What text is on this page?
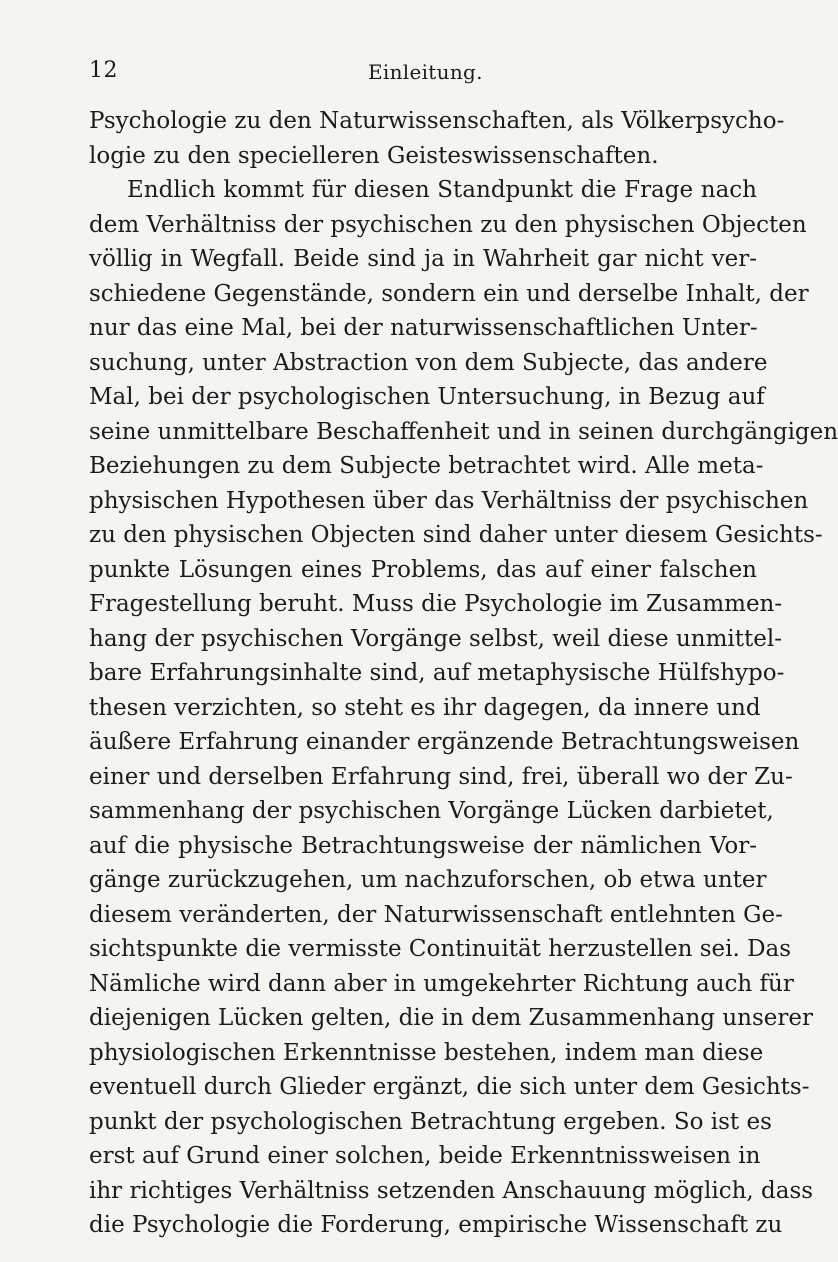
12	Einleitung.
Psychologie zu den Naturwissenschaften, als Völkerpsycho-
logie zu den specielleren Geisteswissenschaften.
Endlich kommt für diesen Standpunkt die Frage nach
dem Verhältniss der psychischen zu den physischen Objecten
völlig in Wegfall. Beide sind ja in Wahrheit gar nicht ver-
schiedene Gegenstände, sondern ein und derselbe Inhalt, der
nur das eine Mal, bei der naturwissenschaftlichen Unter-
suchung, unter Abstraction von dem Subjecte, das andere
Mal, bei der psychologischen Untersuchung, in Bezug auf
seine unmittelbare Beschaffenheit und in seinen durchgängigen
Beziehungen zu dem Subjecte betrachtet wird. Alle meta-
physischen Hypothesen über das Verhältniss der psychischen
zu den physischen Objecten sind daher unter diesem Gesichts-
punkte Lösungen eines Problems, das auf einer falschen
Fragestellung beruht. Muss die Psychologie im Zusammen-
hang der psychischen Vorgänge selbst, weil diese unmittel-
bare Erfahrungsinhalte sind, auf metaphysische Hülfshypo-
thesen verzichten, so steht es ihr dagegen, da innere und
äußere Erfahrung einander ergänzende Betrachtungsweisen
einer und derselben Erfahrung sind, frei, überall wo der Zu-
sammenhang der psychischen Vorgänge Lücken darbietet,
auf die physische Betrachtungsweise der nämlichen Vor-
gänge zurückzugehen, um nachzuforschen, ob etwa unter
diesem veränderten, der Naturwissenschaft entlehnten Ge-
sichtspunkte die vermisste Continuität herzustellen sei. Das
Nämliche wird dann aber in umgekehrter Richtung auch für
diejenigen Lücken gelten, die in dem Zusammenhang unserer
physiologischen Erkenntnisse bestehen, indem man diese
eventuell durch Glieder ergänzt, die sich unter dem Gesichts-
punkt der psychologischen Betrachtung ergeben. So ist es
erst auf Grund einer solchen, beide Erkenntnissweisen in
ihr richtiges Verhältniss setzenden Anschauung möglich, dass
die Psychologie die Forderung, empirische Wissenschaft zu
